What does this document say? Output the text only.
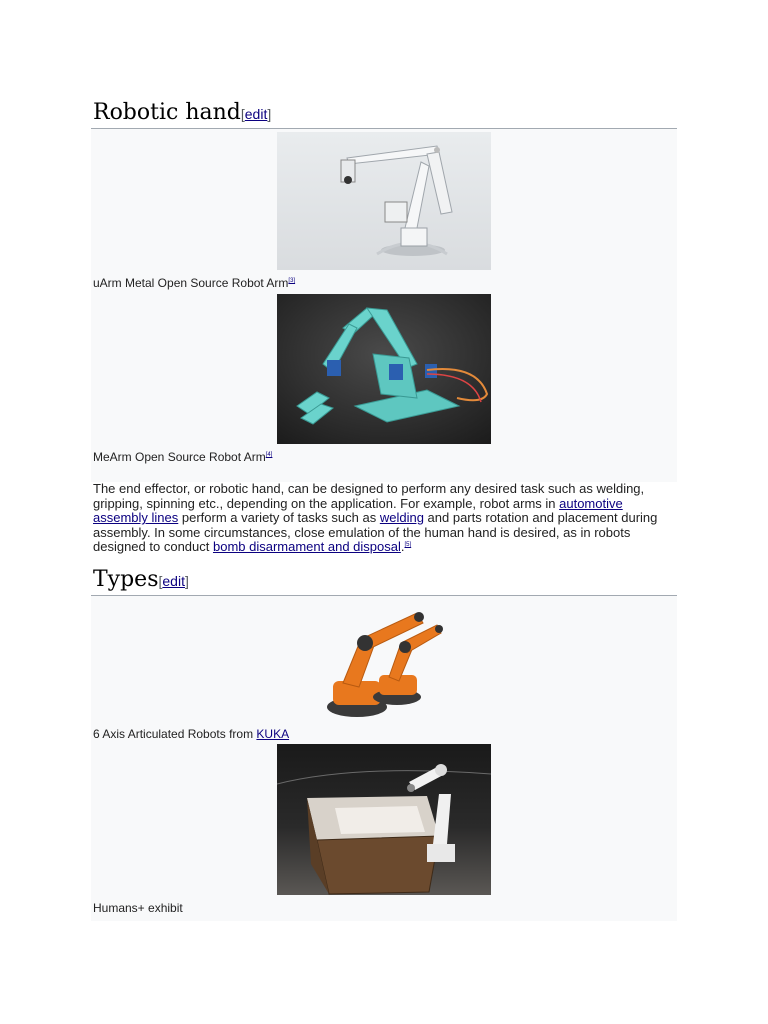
Robotic hand[edit]
uArm Metal Open Source Robot Arm[3]
MeArm Open Source Robot Arm[4]

The end effector, or robotic hand, can be designed to perform any desired task such as welding, gripping, spinning etc., depending on the application. For example, robot arms in automotive assembly lines perform a variety of tasks such as welding and parts rotation and placement during assembly. In some circumstances, close emulation of the human hand is desired, as in robots designed to conduct bomb disarmament and disposal.[5]

Types[edit]
6 Axis Articulated Robots from KUKA
Humans+ exhibit
